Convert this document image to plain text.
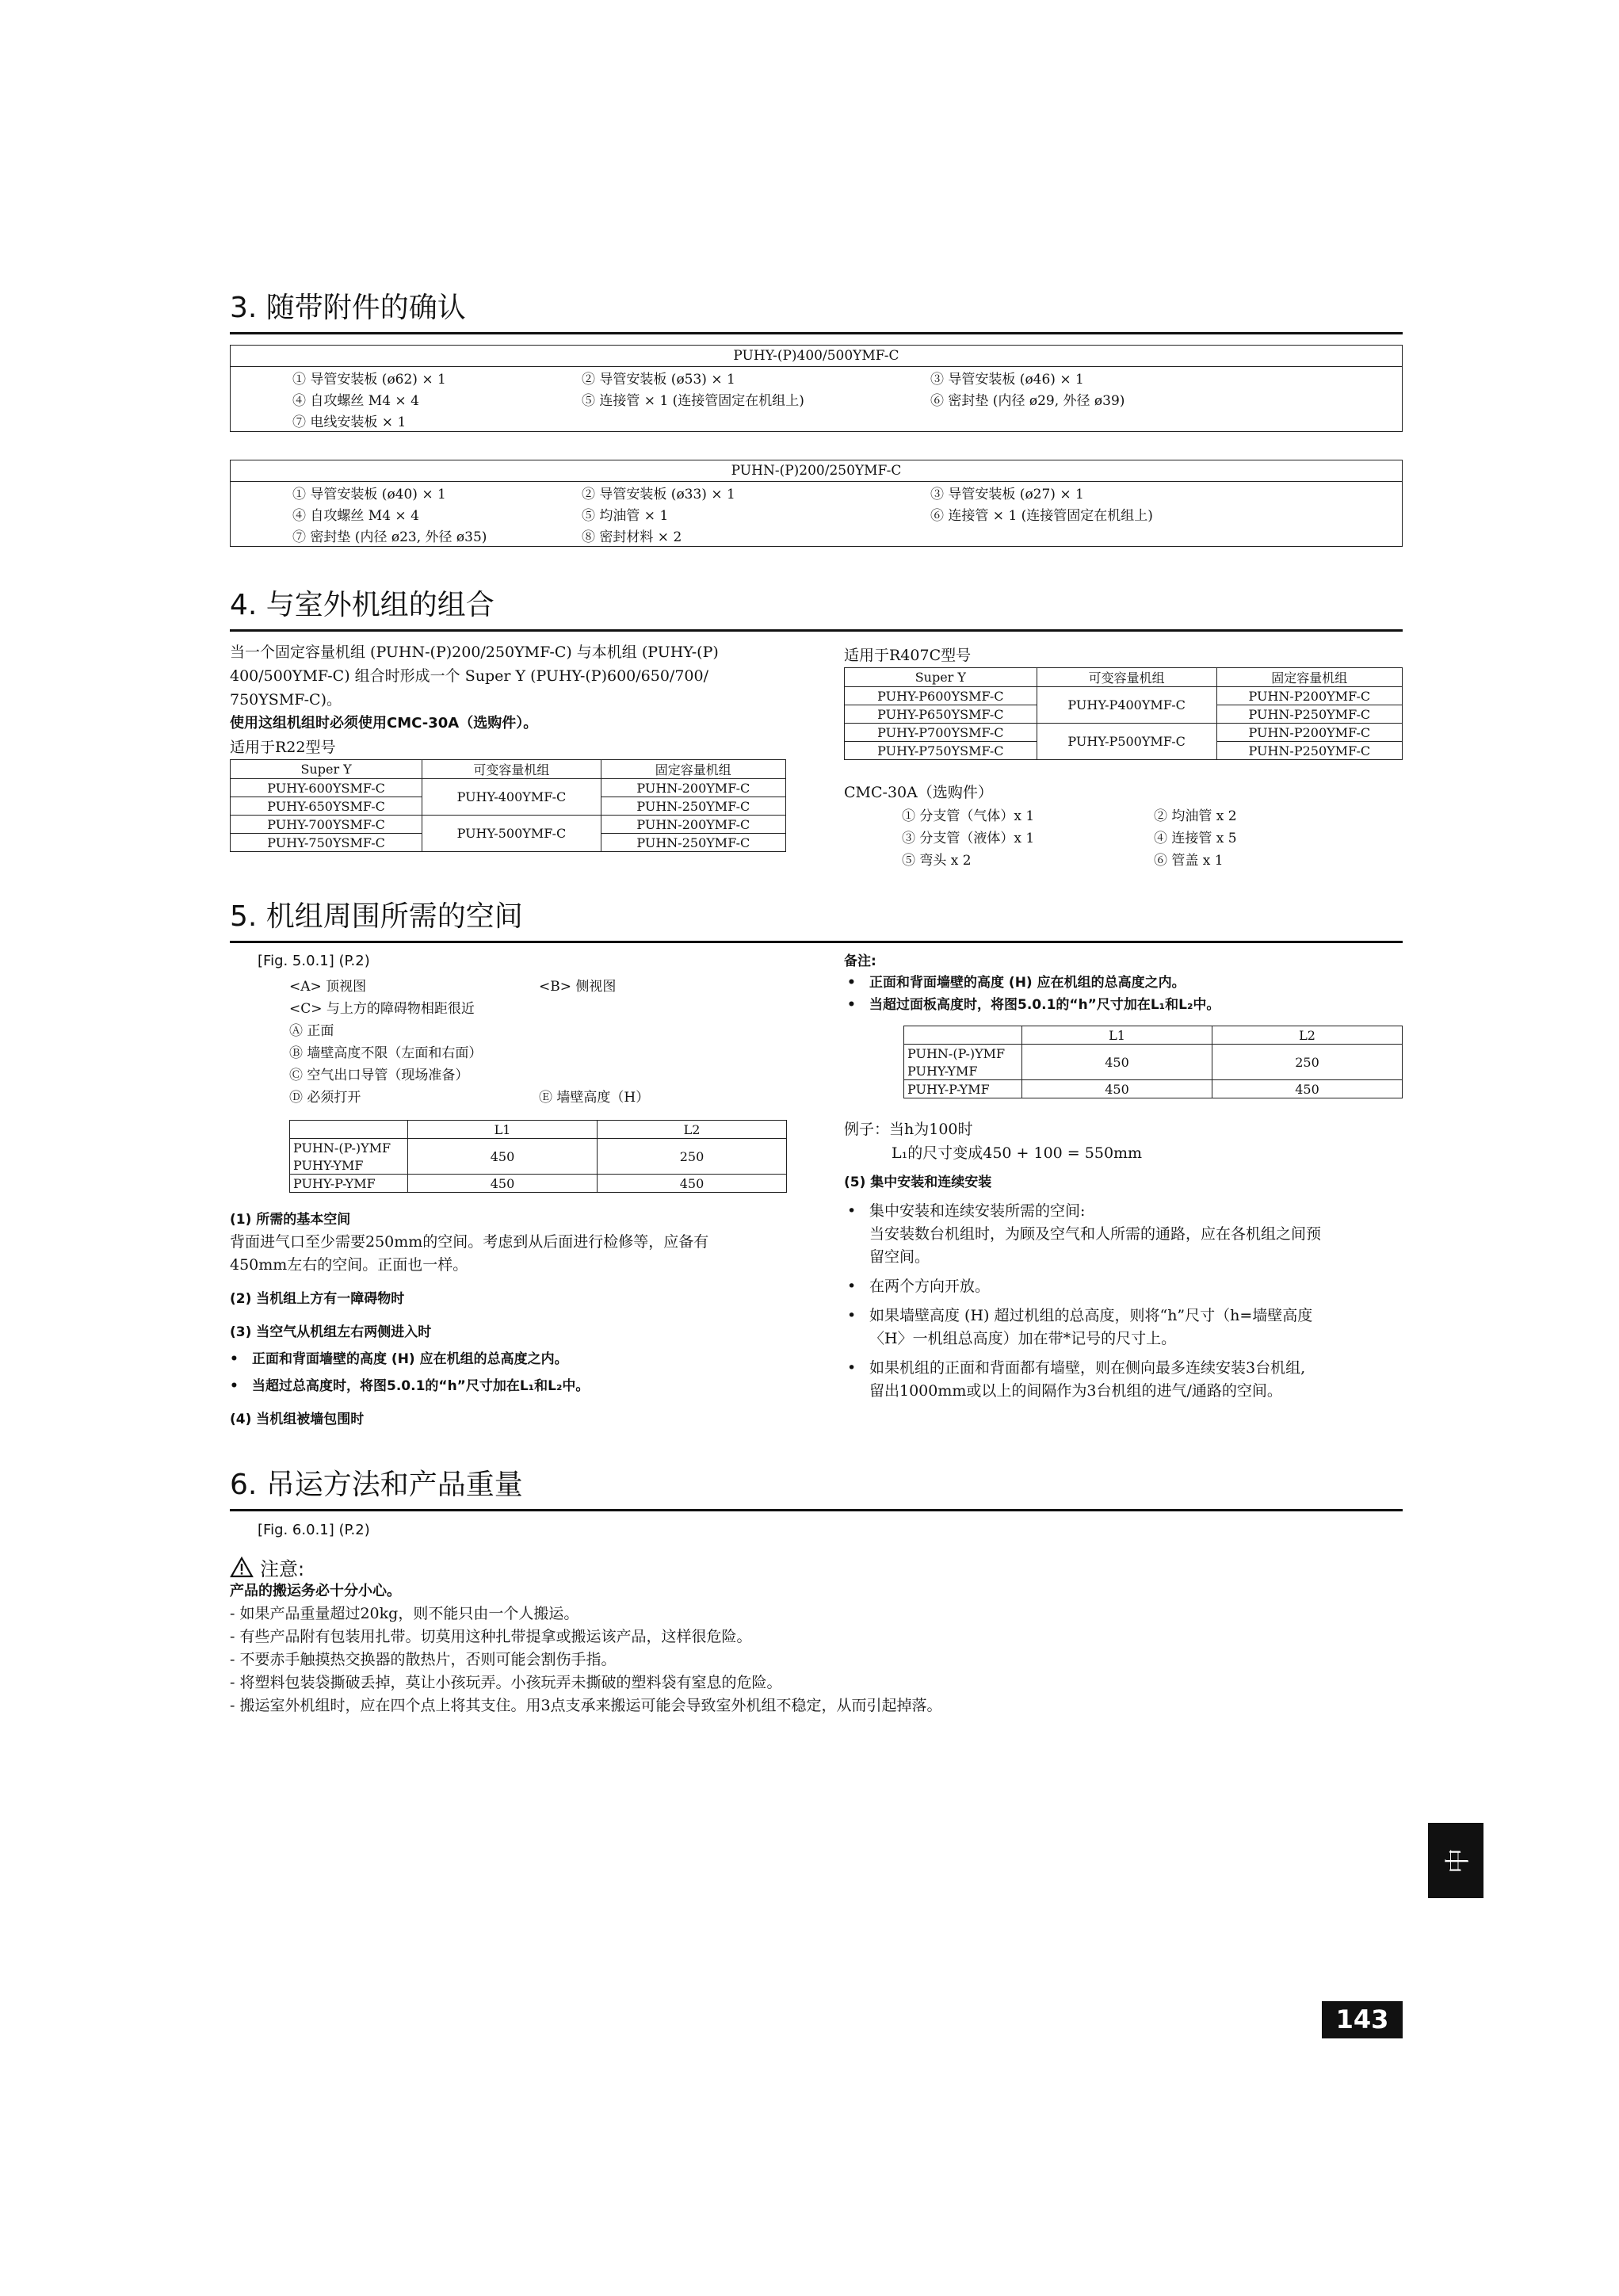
3. 随带附件的确认
PUHY-(P)400/500YMF-C		
① 导管安装板 (ø62) × 1	② 导管安装板 (ø53) × 1	③ 导管安装板 (ø46) × 1
④ 自攻螺丝 M4 × 4	⑤ 连接管 × 1 (连接管固定在机组上)	⑥ 密封垫 (内径 ø29, 外径 ø39)
⑦ 电线安装板 × 1		
PUHN-(P)200/250YMF-C		
① 导管安装板 (ø40) × 1	② 导管安装板 (ø33) × 1	③ 导管安装板 (ø27) × 1
④ 自攻螺丝 M4 × 4	⑤ 均油管 × 1	⑥ 连接管 × 1 (连接管固定在机组上)
⑦ 密封垫 (内径 ø23, 外径 ø35)	⑧ 密封材料 × 2	
4. 与室外机组的组合
当一个固定容量机组 (PUHN-(P)200/250YMF-C) 与本机组 (PUHY-(P)
400/500YMF-C) 组合时形成一个 Super Y (PUHY-(P)600/650/700/
750YSMF-C)。
使用这组机组时必须使用CMC-30A（选购件）。
适用于R22型号
Super Y	可变容量机组	固定容量机组
PUHY-600YSMF-C	PUHY-400YMF-C	PUHN-200YMF-C
PUHY-650YSMF-C		PUHN-250YMF-C
PUHY-700YSMF-C	PUHY-500YMF-C	PUHN-200YMF-C
PUHY-750YSMF-C		PUHN-250YMF-C
适用于R407C型号
Super Y	可变容量机组	固定容量机组
PUHY-P600YSMF-C	PUHY-P400YMF-C	PUHN-P200YMF-C
PUHY-P650YSMF-C		PUHN-P250YMF-C
PUHY-P700YSMF-C	PUHY-P500YMF-C	PUHN-P200YMF-C
PUHY-P750YSMF-C		PUHN-P250YMF-C
CMC-30A（选购件）
① 分支管（气体）x 1	② 均油管 x 2
③ 分支管（液体）x 1	④ 连接管 x 5
⑤ 弯头 x 2	⑥ 管盖 x 1
5. 机组周围所需的空间
[Fig. 5.0.1] (P.2)
<A> 顶视图	<B> 侧视图
<C> 与上方的障碍物相距很近
Ⓐ 正面
Ⓑ 墙壁高度不限（左面和右面）
Ⓒ 空气出口导管（现场准备）
Ⓓ 必须打开	Ⓔ 墙壁高度（H）
	L1	L2
PUHN-(P-)YMF	450	250
PUHY-YMF		
PUHY-P-YMF	450	450
(1) 所需的基本空间
背面进气口至少需要250mm的空间。考虑到从后面进行检修等，应备有
450mm左右的空间。正面也一样。
(2) 当机组上方有一障碍物时
(3) 当空气从机组左右两侧进入时
• 正面和背面墙壁的高度 (H) 应在机组的总高度之内。
• 当超过总高度时，将图5.0.1的“h”尺寸加在L₁和L₂中。
(4) 当机组被墙包围时
备注:
• 正面和背面墙壁的高度 (H) 应在机组的总高度之内。
• 当超过面板高度时，将图5.0.1的“h”尺寸加在L₁和L₂中。
	L1	L2
PUHN-(P-)YMF	450	250
PUHY-YMF		
PUHY-P-YMF	450	450
例子：当h为100时
L₁的尺寸变成450 + 100 = 550mm
(5) 集中安装和连续安装
• 集中安装和连续安装所需的空间:
当安装数台机组时，为顾及空气和人所需的通路，应在各机组之间预
留空间。
• 在两个方向开放。
• 如果墙壁高度 (H) 超过机组的总高度，则将“h”尺寸（h=墙壁高度
〈H〉一机组总高度）加在带*记号的尺寸上。
• 如果机组的正面和背面都有墙壁，则在侧向最多连续安装3台机组,
留出1000mm或以上的间隔作为3台机组的进气/通路的空间。
6. 吊运方法和产品重量
[Fig. 6.0.1] (P.2)
注意:
产品的搬运务必十分小心。
- 如果产品重量超过20kg，则不能只由一个人搬运。
- 有些产品附有包装用扎带。切莫用这种扎带提拿或搬运该产品，这样很危险。
- 不要赤手触摸热交换器的散热片，否则可能会割伤手指。
- 将塑料包装袋撕破丢掉，莫让小孩玩弄。小孩玩弄未撕破的塑料袋有窒息的危险。
- 搬运室外机组时，应在四个点上将其支住。用3点支承来搬运可能会导致室外机组不稳定，从而引起掉落。
中
143
